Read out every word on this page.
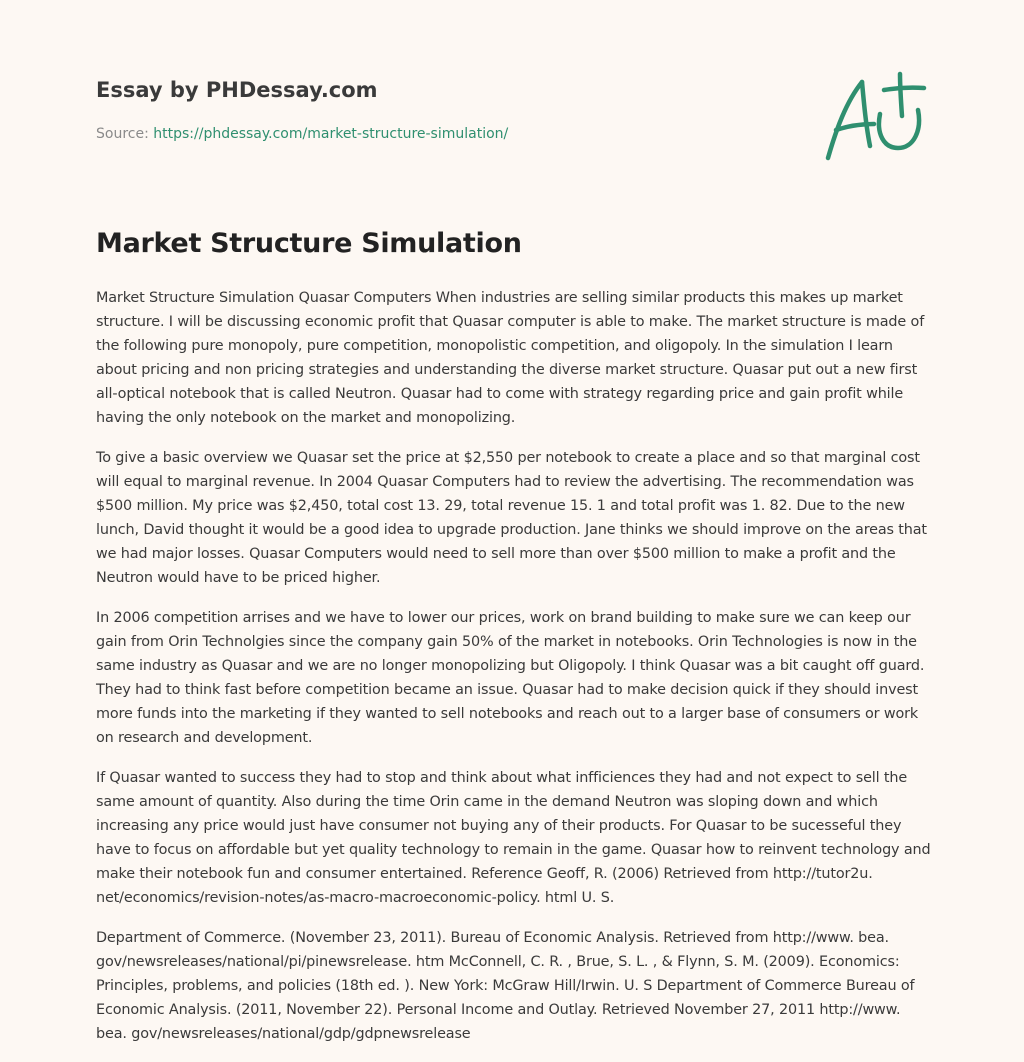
Essay by PHDessay.com
Source: https://phdessay.com/market-structure-simulation/
Market Structure Simulation

Market Structure Simulation Quasar Computers When industries are selling similar products this makes up market structure. I will be discussing economic profit that Quasar computer is able to make. The market structure is made of the following pure monopoly, pure competition, monopolistic competition, and oligopoly. In the simulation I learn about pricing and non pricing strategies and understanding the diverse market structure. Quasar put out a new first all-optical notebook that is called Neutron. Quasar had to come with strategy regarding price and gain profit while having the only notebook on the market and monopolizing.

To give a basic overview we Quasar set the price at $2,550 per notebook to create a place and so that marginal cost will equal to marginal revenue. In 2004 Quasar Computers had to review the advertising. The recommendation was $500 million. My price was $2,450, total cost 13. 29, total revenue 15. 1 and total profit was 1. 82. Due to the new lunch, David thought it would be a good idea to upgrade production. Jane thinks we should improve on the areas that we had major losses. Quasar Computers would need to sell more than over $500 million to make a profit and the Neutron would have to be priced higher.

In 2006 competition arrises and we have to lower our prices, work on brand building to make sure we can keep our gain from Orin Technolgies since the company gain 50% of the market in notebooks. Orin Technologies is now in the same industry as Quasar and we are no longer monopolizing but Oligopoly. I think Quasar was a bit caught off guard. They had to think fast before competition became an issue. Quasar had to make decision quick if they should invest more funds into the marketing if they wanted to sell notebooks and reach out to a larger base of consumers or work on research and development.

If Quasar wanted to success they had to stop and think about what infficiences they had and not expect to sell the same amount of quantity. Also during the time Orin came in the demand Neutron was sloping down and which increasing any price would just have consumer not buying any of their products. For Quasar to be sucesseful they have to focus on affordable but yet quality technology to remain in the game. Quasar how to reinvent technology and make their notebook fun and consumer entertained. Reference Geoff, R. (2006) Retrieved from http://tutor2u. net/economics/revision-notes/as-macro-macroeconomic-policy. html U. S.

Department of Commerce. (November 23, 2011). Bureau of Economic Analysis. Retrieved from http://www. bea. gov/newsreleases/national/pi/pinewsrelease. htm McConnell, C. R. , Brue, S. L. , & Flynn, S. M. (2009). Economics: Principles, problems, and policies (18th ed. ). New York: McGraw Hill/Irwin. U. S Department of Commerce Bureau of Economic Analysis. (2011, November 22). Personal Income and Outlay. Retrieved November 27, 2011 http://www. bea. gov/newsreleases/national/gdp/gdpnewsrelease
